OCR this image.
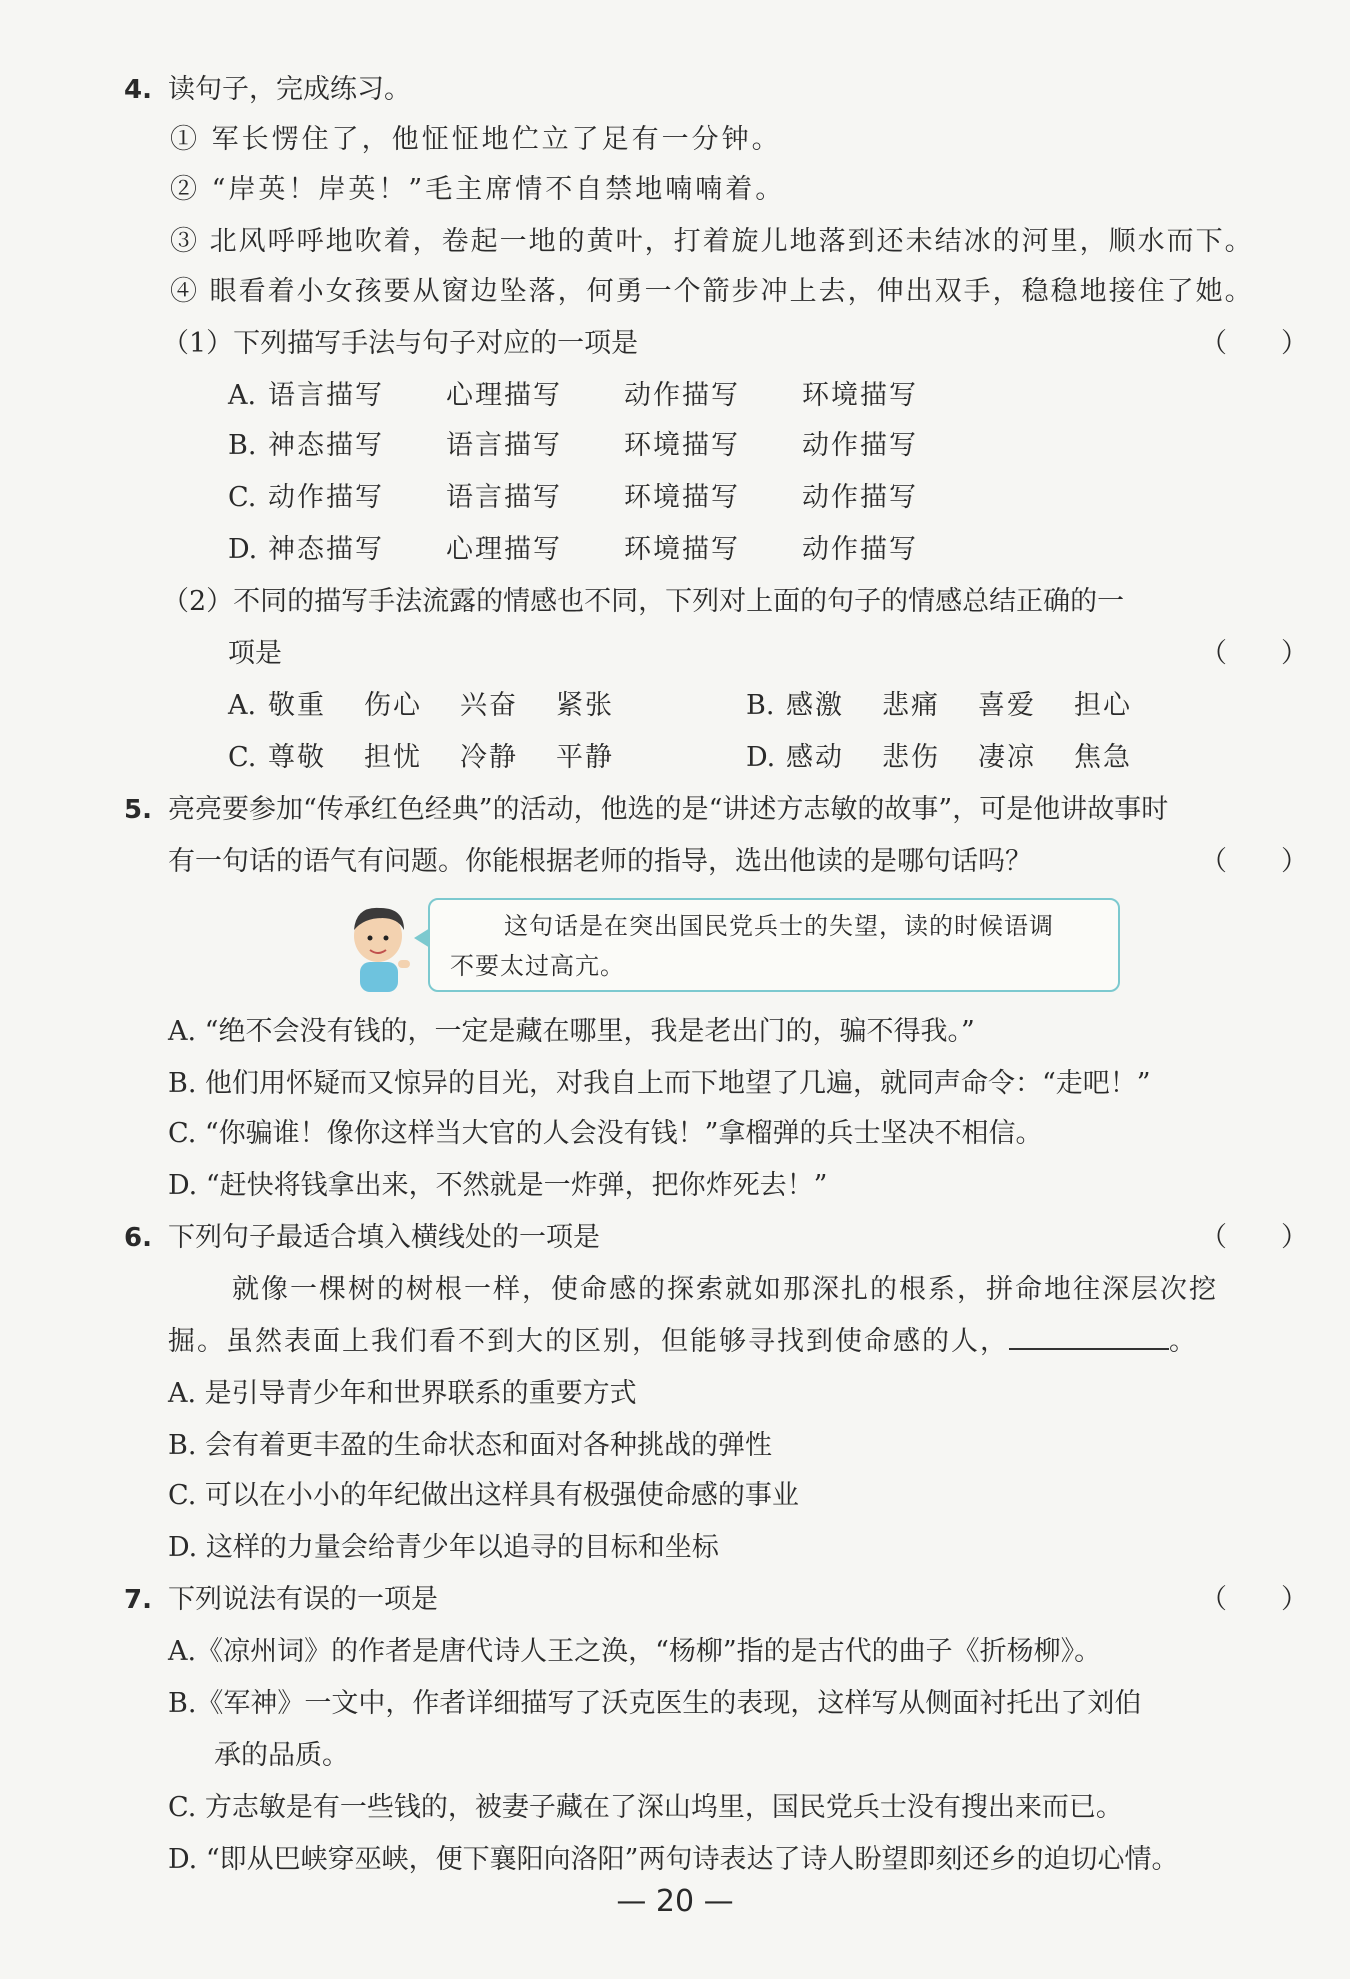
4. 读句子，完成练习。
① 军长愣住了，他怔怔地伫立了足有一分钟。
② “岸英！岸英！”毛主席情不自禁地喃喃着。
③ 北风呼呼地吹着，卷起一地的黄叶，打着旋儿地落到还未结冰的河里，顺水而下。
④ 眼看着小女孩要从窗边坠落，何勇一个箭步冲上去，伸出双手，稳稳地接住了她。
（1）下列描写手法与句子对应的一项是	（　　）
A. 语言描写 心理描写 动作描写 环境描写
B. 神态描写 语言描写 环境描写 动作描写
C. 动作描写 语言描写 环境描写 动作描写
D. 神态描写 心理描写 环境描写 动作描写
（2）不同的描写手法流露的情感也不同，下列对上面的句子的情感总结正确的一
项是	（　　）
A. 敬重 伤心 兴奋 紧张	B. 感激 悲痛 喜爱 担心
C. 尊敬 担忧 冷静 平静	D. 感动 悲伤 凄凉 焦急
5. 亮亮要参加“传承红色经典”的活动，他选的是“讲述方志敏的故事”，可是他讲故事时
有一句话的语气有问题。你能根据老师的指导，选出他读的是哪句话吗？	（　　）
这句话是在突出国民党兵士的失望，读的时候语调
不要太过高亢。
A. “绝不会没有钱的，一定是藏在哪里，我是老出门的，骗不得我。”
B. 他们用怀疑而又惊异的目光，对我自上而下地望了几遍，就同声命令：“走吧！”
C. “你骗谁！像你这样当大官的人会没有钱！”拿榴弹的兵士坚决不相信。
D. “赶快将钱拿出来，不然就是一炸弹，把你炸死去！”
6. 下列句子最适合填入横线处的一项是	（　　）
就像一棵树的树根一样，使命感的探索就如那深扎的根系，拼命地往深层次挖
掘。虽然表面上我们看不到大的区别，但能够寻找到使命感的人，	。
A. 是引导青少年和世界联系的重要方式
B. 会有着更丰盈的生命状态和面对各种挑战的弹性
C. 可以在小小的年纪做出这样具有极强使命感的事业
D. 这样的力量会给青少年以追寻的目标和坐标
7. 下列说法有误的一项是	（　　）
A.《凉州词》的作者是唐代诗人王之涣，“杨柳”指的是古代的曲子《折杨柳》。
B.《军神》一文中，作者详细描写了沃克医生的表现，这样写从侧面衬托出了刘伯
承的品质。
C. 方志敏是有一些钱的，被妻子藏在了深山坞里，国民党兵士没有搜出来而已。
D. “即从巴峡穿巫峡，便下襄阳向洛阳”两句诗表达了诗人盼望即刻还乡的迫切心情。
— 20 —
